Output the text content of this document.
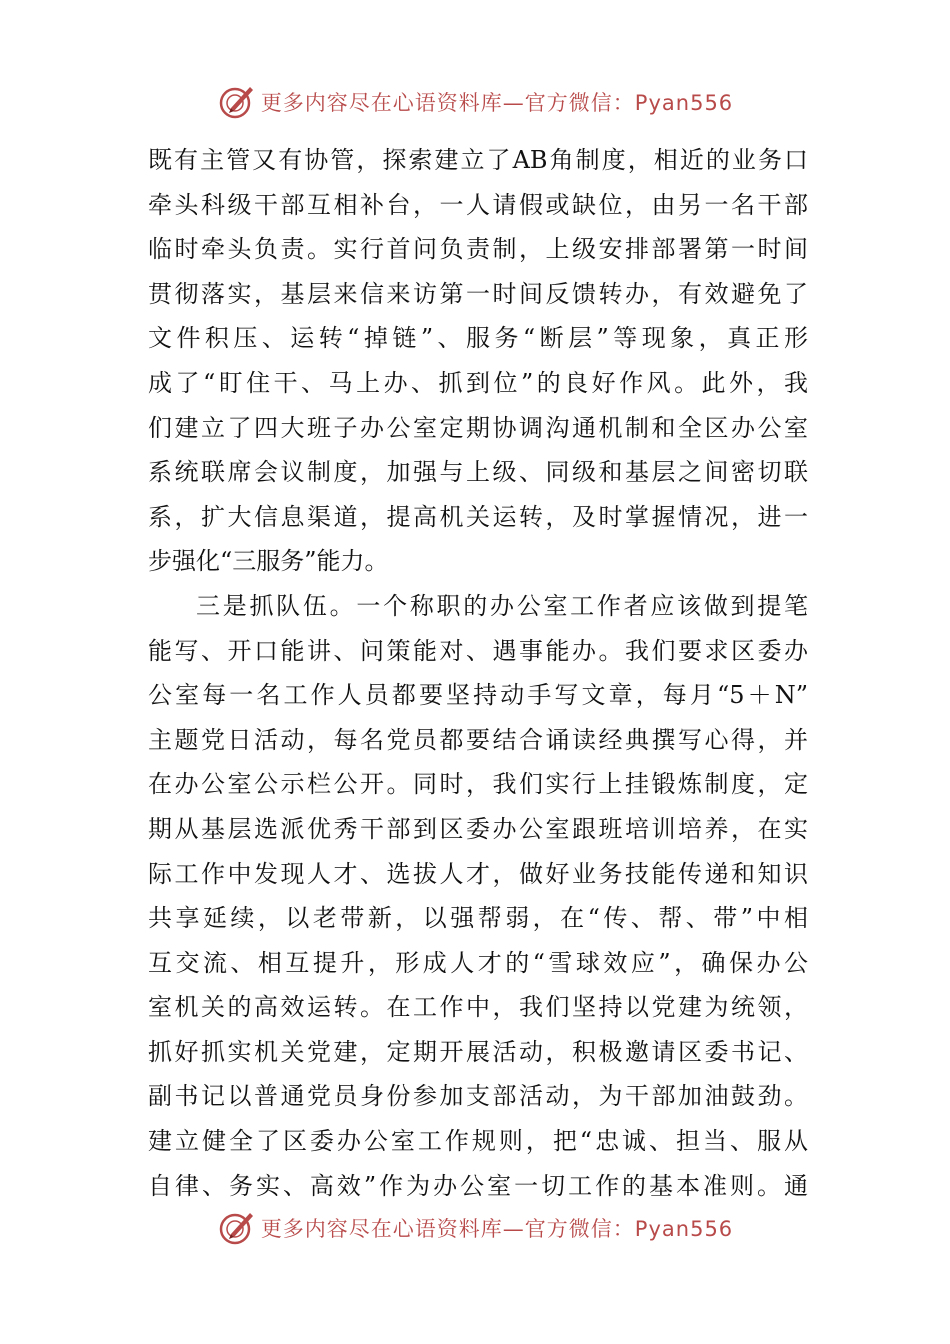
更多内容尽在心语资料库—官方微信：Pyan556
既有主管又有协管，探索建立了AB角制度，相近的业务口
牵头科级干部互相补台，一人请假或缺位，由另一名干部
临时牵头负责。实行首问负责制，上级安排部署第一时间
贯彻落实，基层来信来访第一时间反馈转办，有效避免了
文件积压、运转“掉链”、服务“断层”等现象，真正形
成了“盯住干、马上办、抓到位”的良好作风。此外，我
们建立了四大班子办公室定期协调沟通机制和全区办公室
系统联席会议制度，加强与上级、同级和基层之间密切联
系，扩大信息渠道，提高机关运转，及时掌握情况，进一
步强化“三服务”能力。
三是抓队伍。一个称职的办公室工作者应该做到提笔
能写、开口能讲、问策能对、遇事能办。我们要求区委办
公室每一名工作人员都要坚持动手写文章，每月“5＋N”
主题党日活动，每名党员都要结合诵读经典撰写心得，并
在办公室公示栏公开。同时，我们实行上挂锻炼制度，定
期从基层选派优秀干部到区委办公室跟班培训培养，在实
际工作中发现人才、选拔人才，做好业务技能传递和知识
共享延续，以老带新，以强帮弱，在“传、帮、带”中相
互交流、相互提升，形成人才的“雪球效应”，确保办公
室机关的高效运转。在工作中，我们坚持以党建为统领，
抓好抓实机关党建，定期开展活动，积极邀请区委书记、
副书记以普通党员身份参加支部活动，为干部加油鼓劲。
建立健全了区委办公室工作规则，把“忠诚、担当、服从
自律、务实、高效”作为办公室一切工作的基本准则。通
更多内容尽在心语资料库—官方微信：Pyan556
